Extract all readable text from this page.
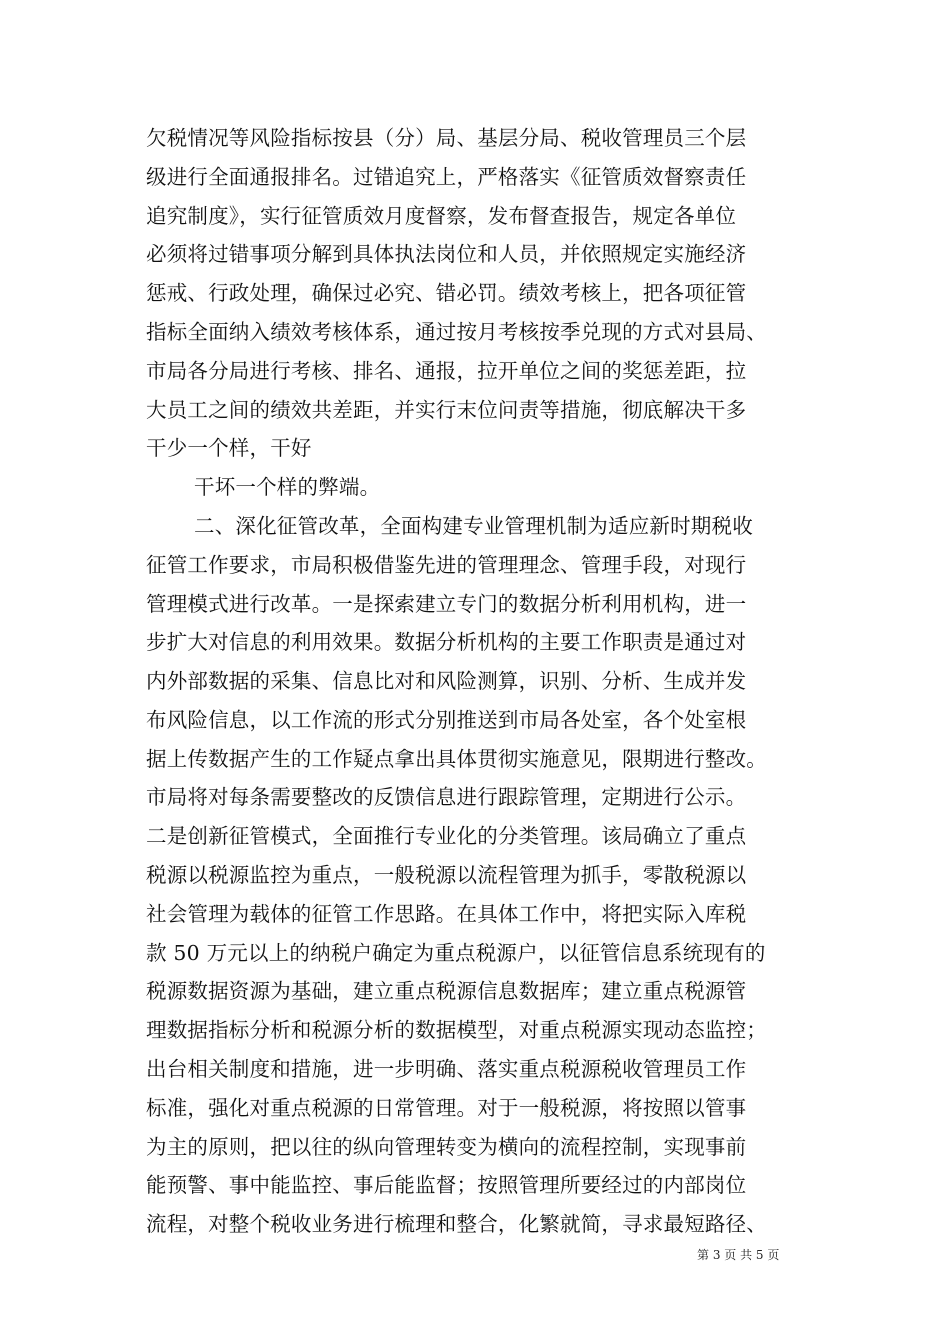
欠税情况等风险指标按县（分）局、基层分局、税收管理员三个层
级进行全面通报排名。过错追究上，严格落实《征管质效督察责任
追究制度》，实行征管质效月度督察，发布督查报告，规定各单位
必须将过错事项分解到具体执法岗位和人员，并依照规定实施经济
惩戒、行政处理，确保过必究、错必罚。绩效考核上，把各项征管
指标全面纳入绩效考核体系，通过按月考核按季兑现的方式对县局、
市局各分局进行考核、排名、通报，拉开单位之间的奖惩差距，拉
大员工之间的绩效共差距，并实行末位问责等措施，彻底解决干多
干少一个样，干好
干坏一个样的弊端。
二、深化征管改革，全面构建专业管理机制为适应新时期税收
征管工作要求，市局积极借鉴先进的管理理念、管理手段，对现行
管理模式进行改革。一是探索建立专门的数据分析利用机构，进一
步扩大对信息的利用效果。数据分析机构的主要工作职责是通过对
内外部数据的采集、信息比对和风险测算，识别、分析、生成并发
布风险信息，以工作流的形式分别推送到市局各处室，各个处室根
据上传数据产生的工作疑点拿出具体贯彻实施意见，限期进行整改。
市局将对每条需要整改的反馈信息进行跟踪管理，定期进行公示。
二是创新征管模式，全面推行专业化的分类管理。该局确立了重点
税源以税源监控为重点，一般税源以流程管理为抓手，零散税源以
社会管理为载体的征管工作思路。在具体工作中，将把实际入库税
款 50 万元以上的纳税户确定为重点税源户，以征管信息系统现有的
税源数据资源为基础，建立重点税源信息数据库；建立重点税源管
理数据指标分析和税源分析的数据模型，对重点税源实现动态监控；
出台相关制度和措施，进一步明确、落实重点税源税收管理员工作
标准，强化对重点税源的日常管理。对于一般税源，将按照以管事
为主的原则，把以往的纵向管理转变为横向的流程控制，实现事前
能预警、事中能监控、事后能监督；按照管理所要经过的内部岗位
流程，对整个税收业务进行梳理和整合，化繁就简，寻求最短路径、
第 3 页 共 5 页
